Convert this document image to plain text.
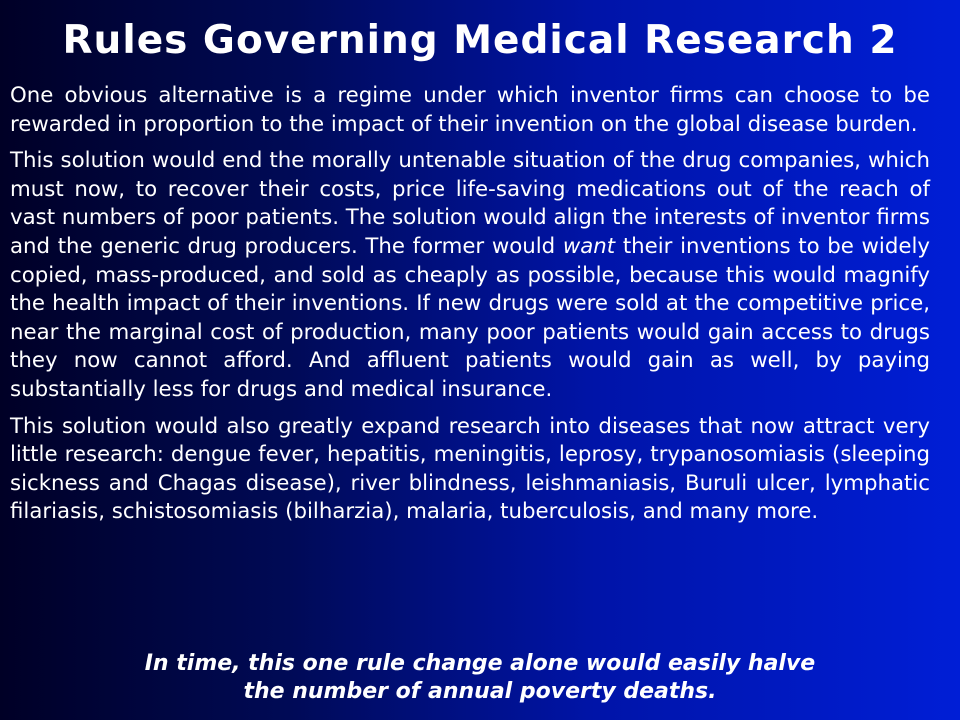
Rules Governing Medical Research 2

One obvious alternative is a regime under which inventor firms can choose to be rewarded in proportion to the impact of their invention on the global disease burden.

This solution would end the morally untenable situation of the drug companies, which must now, to recover their costs, price life-saving medications out of the reach of vast numbers of poor patients. The solution would align the interests of inventor firms and the generic drug producers. The former would want their inventions to be widely copied, mass-produced, and sold as cheaply as possible, because this would magnify the health impact of their inventions. If new drugs were sold at the competitive price, near the marginal cost of production, many poor patients would gain access to drugs they now cannot afford. And affluent patients would gain as well, by paying substantially less for drugs and medical insurance.

This solution would also greatly expand research into diseases that now attract very little research: dengue fever, hepatitis, meningitis, leprosy, trypanosomiasis (sleeping sickness and Chagas disease), river blindness, leishmaniasis, Buruli ulcer, lymphatic filariasis, schistosomiasis (bilharzia), malaria, tuberculosis, and many more.

In time, this one rule change alone would easily halve
the number of annual poverty deaths.
